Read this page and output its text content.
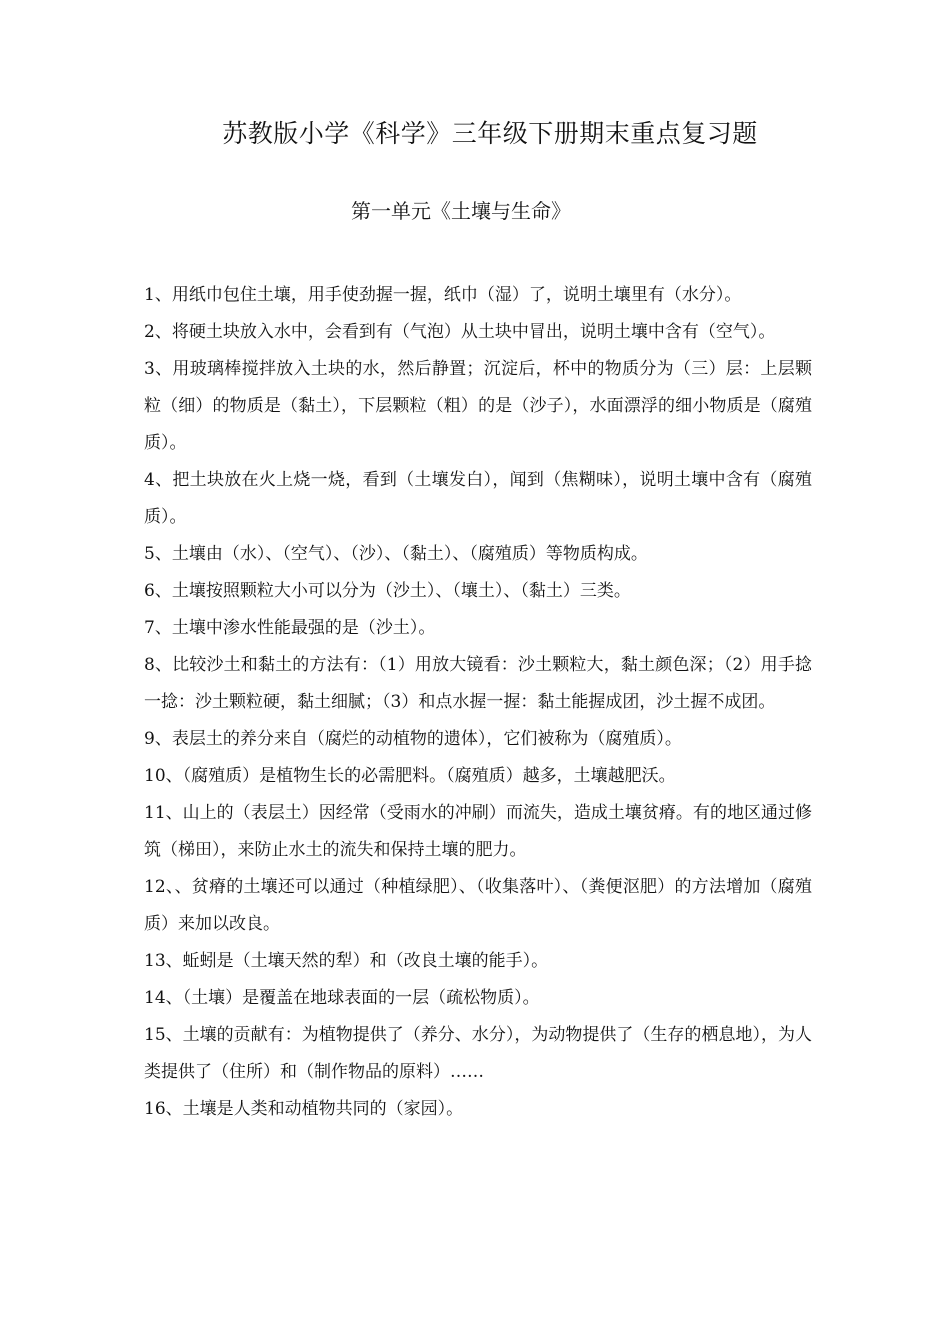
苏教版小学《科学》三年级下册期末重点复习题
第一单元《土壤与生命》

1、用纸巾包住土壤，用手使劲握一握，纸巾（湿）了，说明土壤里有（水分）。

2、将硬土块放入水中，会看到有（气泡）从土块中冒出，说明土壤中含有（空气）。

3、用玻璃棒搅拌放入土块的水，然后静置；沉淀后，杯中的物质分为（三）层：上层颗粒（细）的物质是（黏土），下层颗粒（粗）的是（沙子），水面漂浮的细小物质是（腐殖质）。

4、把土块放在火上烧一烧，看到（土壤发白），闻到（焦糊味），说明土壤中含有（腐殖质）。

5、土壤由（水）、（空气）、（沙）、（黏土）、（腐殖质）等物质构成。

6、土壤按照颗粒大小可以分为（沙土）、（壤土）、（黏土）三类。

7、土壤中渗水性能最强的是（沙土）。

8、比较沙土和黏土的方法有：（1）用放大镜看：沙土颗粒大，黏土颜色深；（2）用手捻一捻：沙土颗粒硬，黏土细腻；（3）和点水握一握：黏土能握成团，沙土握不成团。

9、表层土的养分来自（腐烂的动植物的遗体），它们被称为（腐殖质）。

10、（腐殖质）是植物生长的必需肥料。（腐殖质）越多，土壤越肥沃。

11、山上的（表层土）因经常（受雨水的冲刷）而流失，造成土壤贫瘠。有的地区通过修筑（梯田），来防止水土的流失和保持土壤的肥力。

12、、贫瘠的土壤还可以通过（种植绿肥）、（收集落叶）、（粪便沤肥）的方法增加（腐殖质）来加以改良。

13、蚯蚓是（土壤天然的犁）和（改良土壤的能手）。

14、（土壤）是覆盖在地球表面的一层（疏松物质）。

15、土壤的贡献有：为植物提供了（养分、水分），为动物提供了（生存的栖息地），为人类提供了（住所）和（制作物品的原料）……

16、土壤是人类和动植物共同的（家园）。
